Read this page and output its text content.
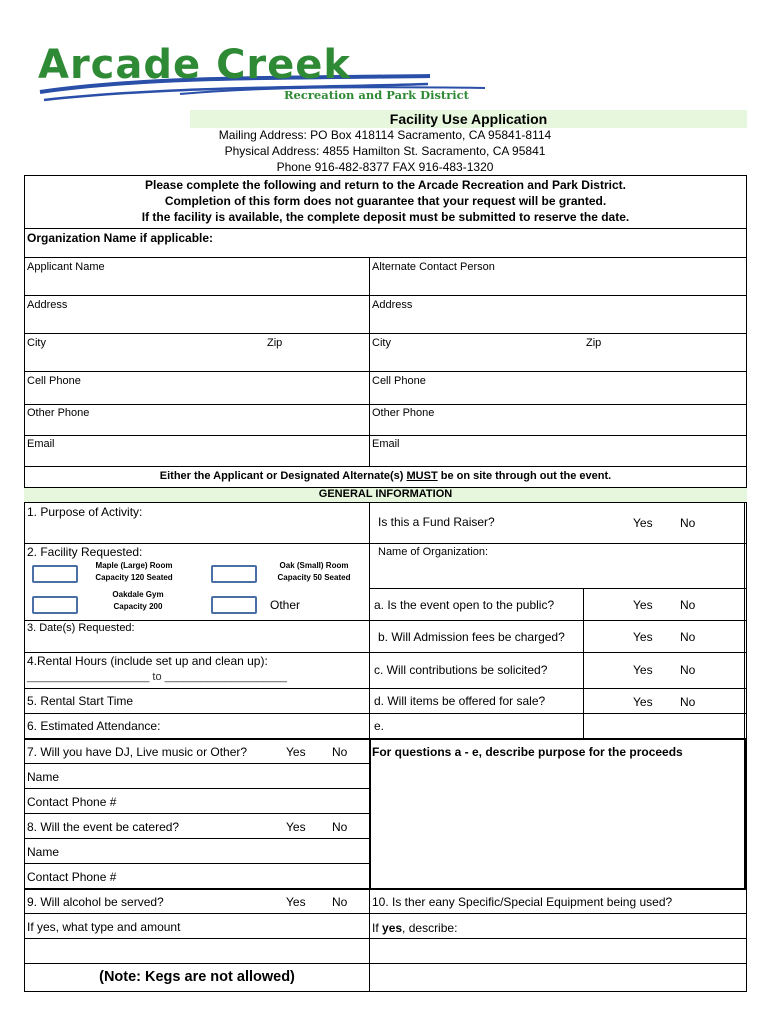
Arcade Creek
Recreation and Park District
Facility Use Application
Mailing Address: PO Box 418114 Sacramento, CA 95841-8114
Physical Address: 4855 Hamilton St. Sacramento, CA 95841
Phone 916-482-8377 FAX 916-483-1320
Please complete the following and return to the Arcade Recreation and Park District.
Completion of this form does not guarantee that your request will be granted.
If the facility is available, the complete deposit must be submitted to reserve the date.
Organization Name if applicable:
Applicant Name	Alternate Contact Person
Address	Address
City	Zip	City	Zip
Cell Phone	Cell Phone
Other Phone	Other Phone
Email	Email
Either the Applicant or Designated Alternate(s) MUST be on site through out the event.
GENERAL INFORMATION
1. Purpose of Activity:
Is this a Fund Raiser?	Yes No
2. Facility Requested:	Name of Organization:
Maple (Large) Room
Capacity 120 Seated
Oak (Small) Room
Capacity 50 Seated
Oakdale Gym
Capacity 200	Other	a. Is the event open to the public?	Yes No
3. Date(s) Requested:
b. Will Admission fees be charged?	Yes No
4.Rental Hours (include set up and clean up):
____________________ to ____________________	c. Will contributions be solicited?	Yes No
5. Rental Start Time	d. Will items be offered for sale?	Yes No
6. Estimated Attendance:	e.
7. Will you have DJ, Live music or Other?	Yes No For questions a - e, describe purpose for the proceeds
Name
Contact Phone #
8. Will the event be catered?	Yes No
Name
Contact Phone #
9. Will alcohol be served?	Yes No 10. Is ther eany Specific/Special Equipment being used?
If yes, what type and amount	If yes, describe:
(Note: Kegs are not allowed)
